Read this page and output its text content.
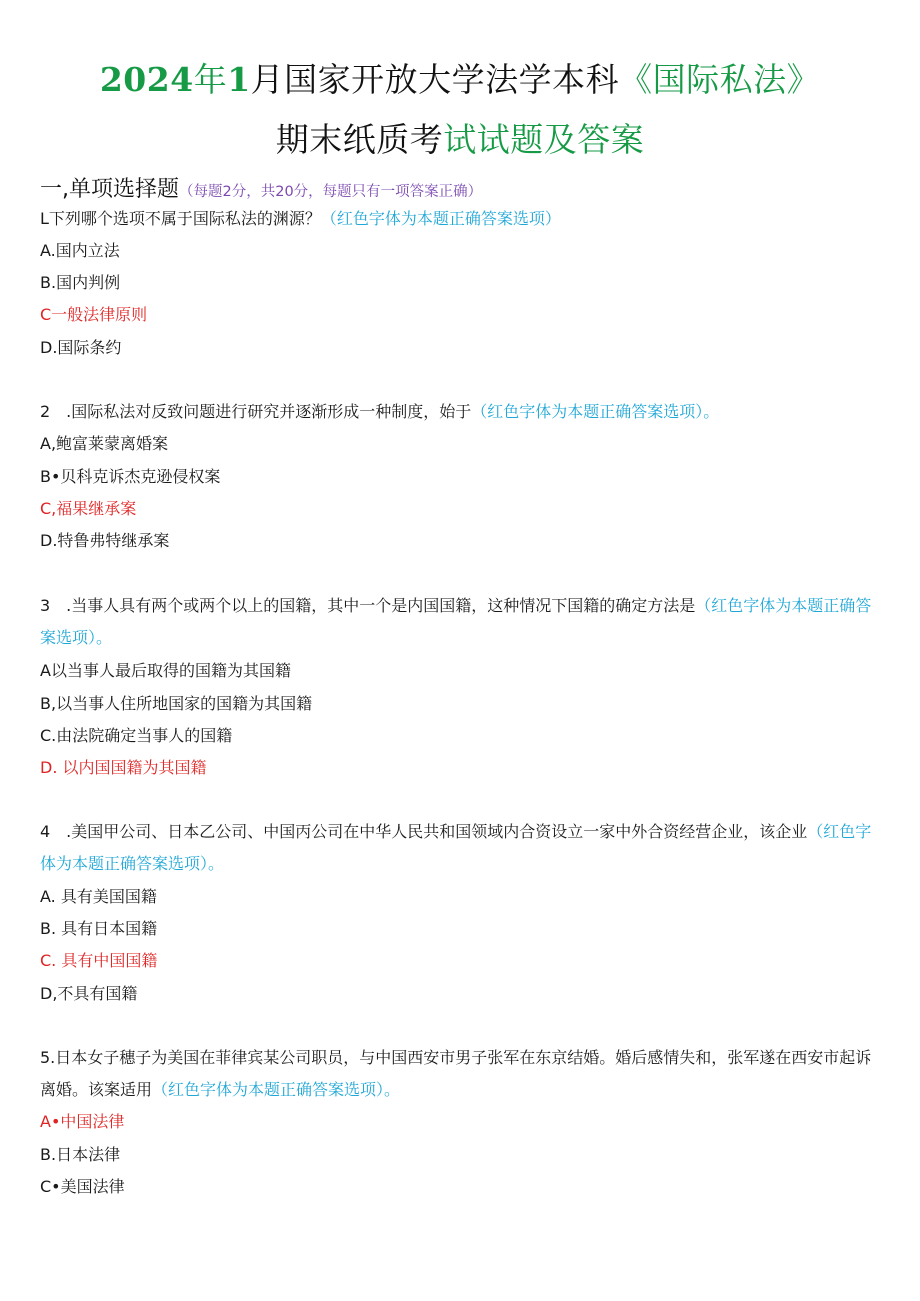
2024年1月国家开放大学法学本科《国际私法》
期末纸质考试试题及答案
一,单项选择题（每题2分，共20分，每题只有一项答案正确）
L下列哪个选项不属于国际私法的渊源？（红色字体为本题正确答案选项）
A.国内立法
B.国内判例
C一般法律原则
D.国际条约
2　.国际私法对反致问题进行研究并逐渐形成一种制度，始于（红色字体为本题正确答案选项）。
A,鲍富莱蒙离婚案
B•贝科克诉杰克逊侵权案
C,福果继承案
D.特鲁弗特继承案
3　.当事人具有两个或两个以上的国籍，其中一个是内国国籍，这种情况下国籍的确定方法是（红色字体为本题正确答案选项）。
A以当事人最后取得的国籍为其国籍
B,以当事人住所地国家的国籍为其国籍
C.由法院确定当事人的国籍
D. 以内国国籍为其国籍
4　.美国甲公司、日本乙公司、中国丙公司在中华人民共和国领域内合资设立一家中外合资经营企业，该企业（红色字体为本题正确答案选项）。
A. 具有美国国籍
B. 具有日本国籍
C. 具有中国国籍
D,不具有国籍
5.日本女子穗子为美国在菲律宾某公司职员，与中国西安市男子张军在东京结婚。婚后感情失和，张军遂在西安市起诉离婚。该案适用（红色字体为本题正确答案选项）。
A•中国法律
B.日本法律
C•美国法律
